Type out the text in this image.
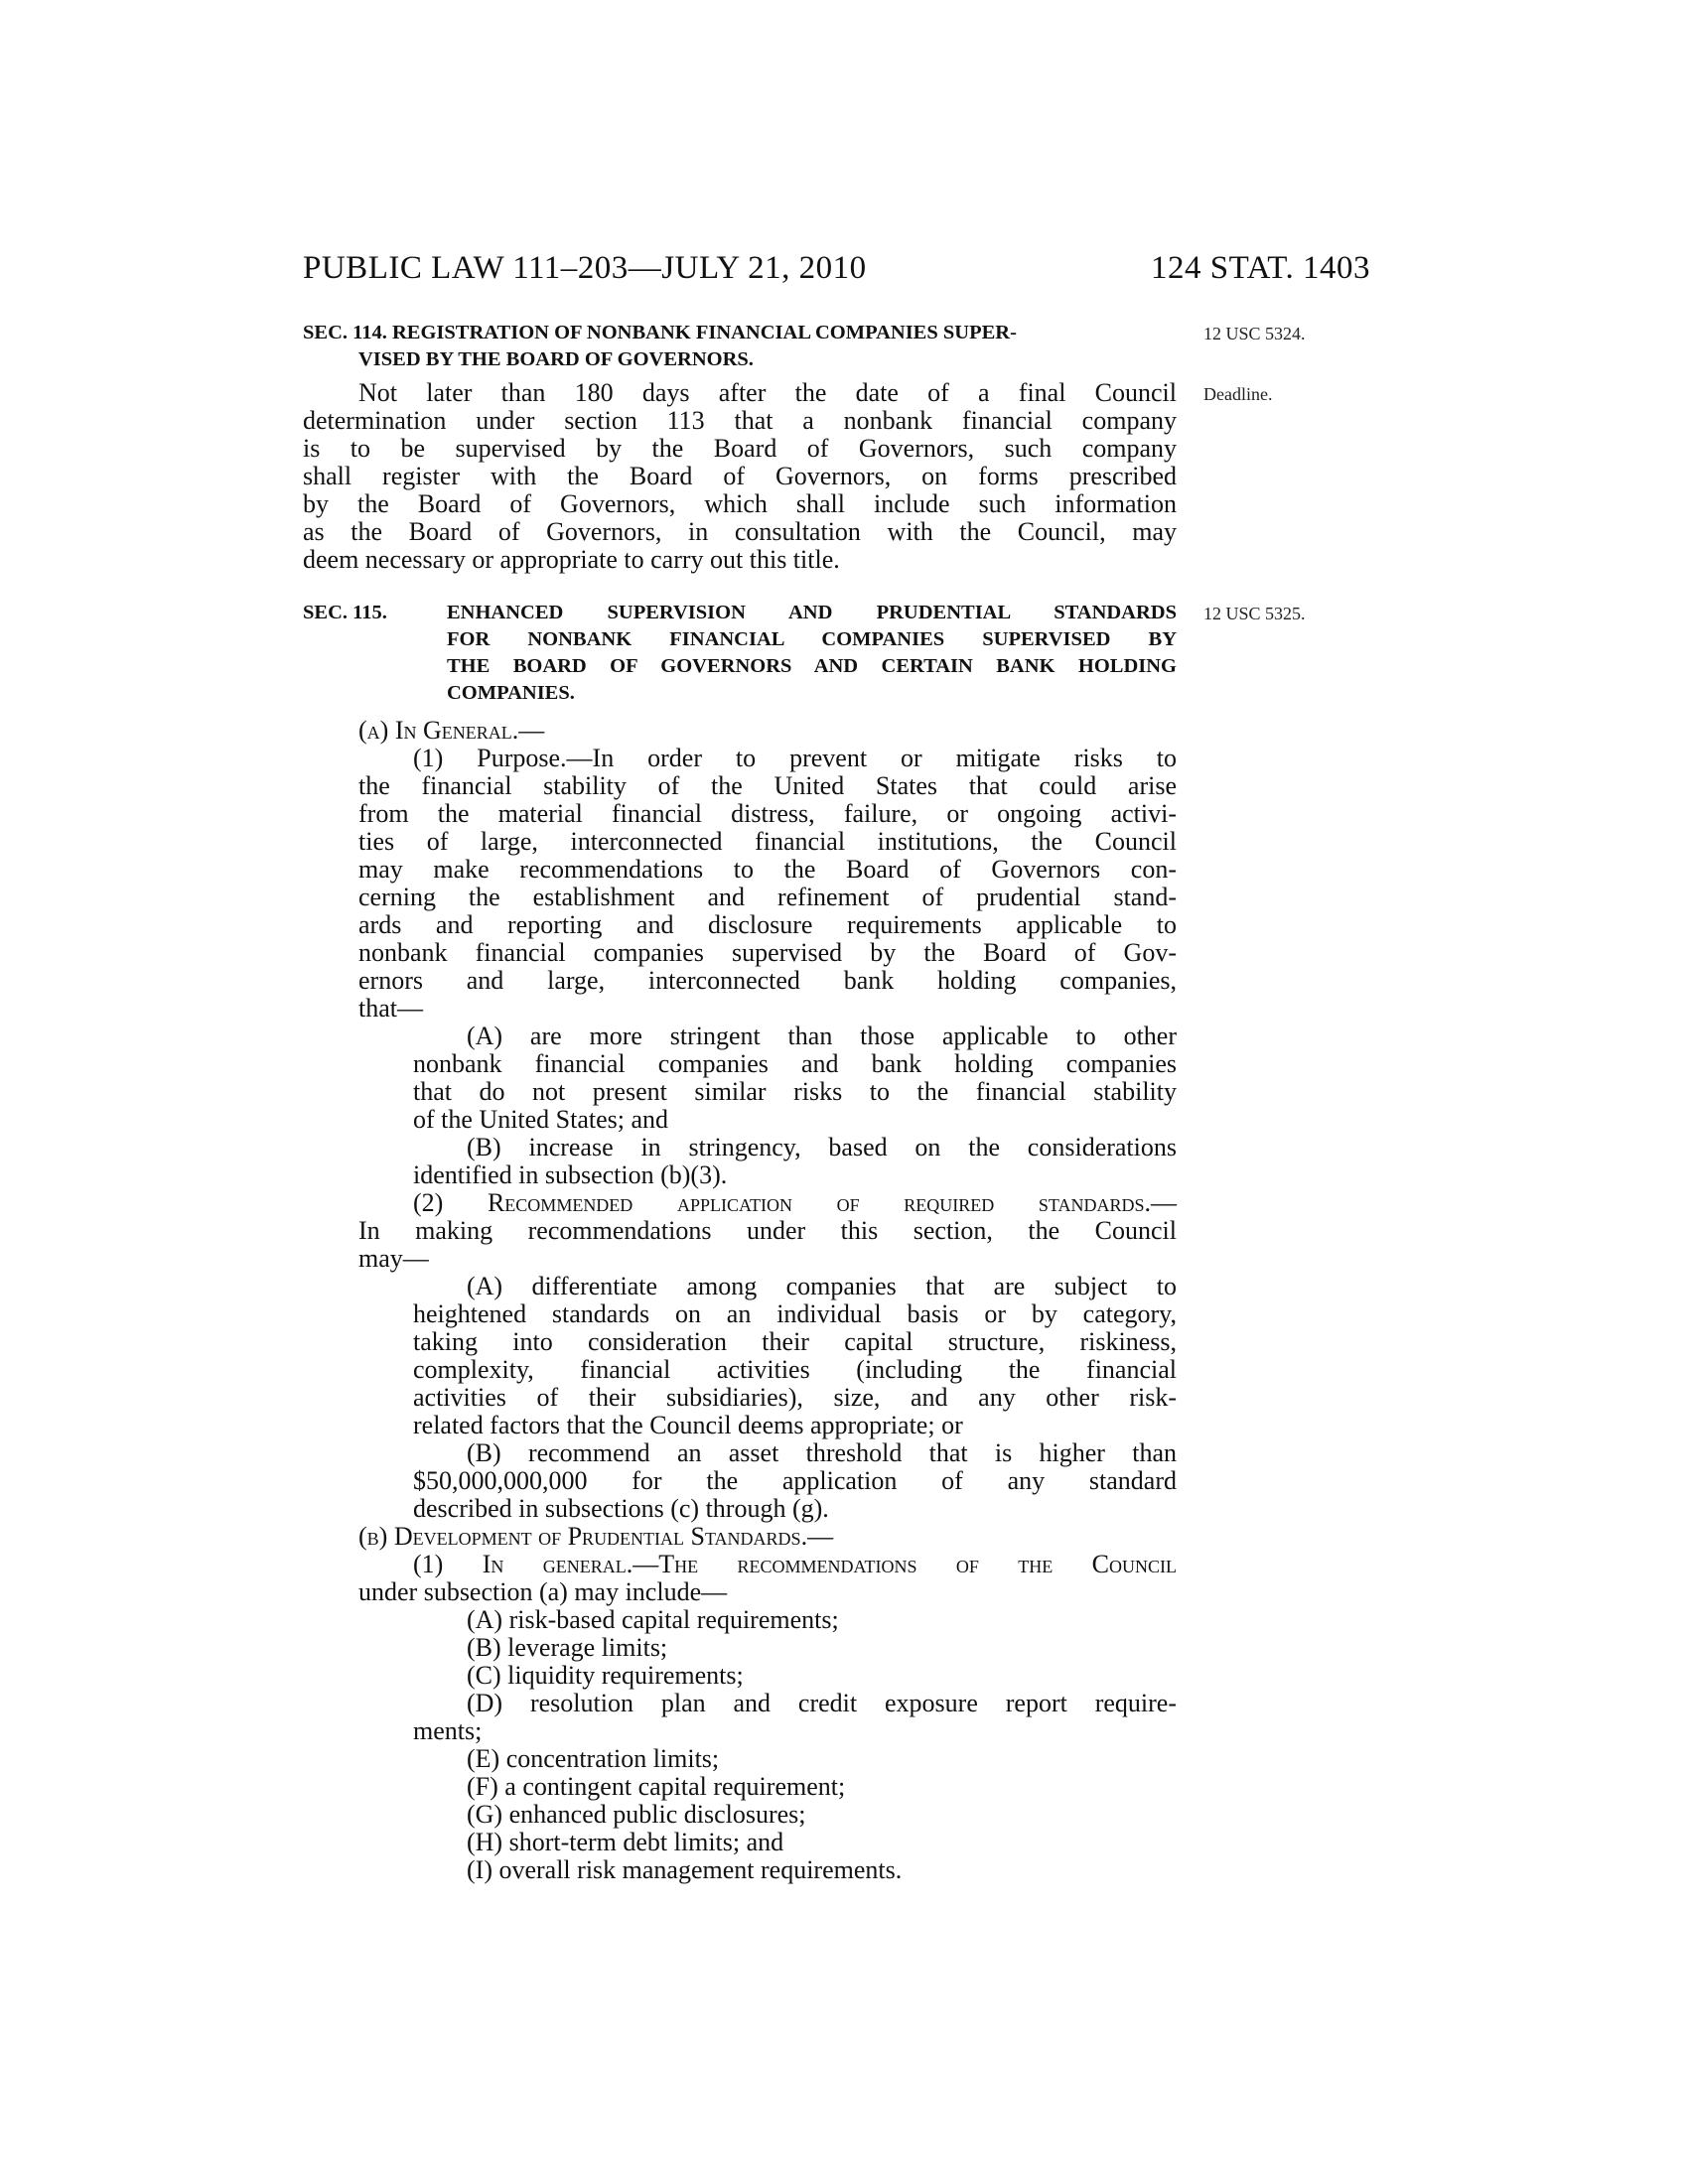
PUBLIC LAW 111–203—JULY 21, 2010	124 STAT. 1403
12 USC 5324.
Deadline.
12 USC 5325.
SEC. 114. REGISTRATION OF NONBANK FINANCIAL COMPANIES SUPER-
VISED BY THE BOARD OF GOVERNORS.
Not later than 180 days after the date of a final Council
determination under section 113 that a nonbank financial company
is to be supervised by the Board of Governors, such company
shall register with the Board of Governors, on forms prescribed
by the Board of Governors, which shall include such information
as the Board of Governors, in consultation with the Council, may
deem necessary or appropriate to carry out this title.
SEC. 115.	ENHANCED SUPERVISION AND PRUDENTIAL STANDARDS
FOR NONBANK FINANCIAL COMPANIES SUPERVISED BY
THE BOARD OF GOVERNORS AND CERTAIN BANK HOLDING
COMPANIES.
(a) In General.—
(1) Purpose.—In order to prevent or mitigate risks to
the financial stability of the United States that could arise
from the material financial distress, failure, or ongoing activi-
ties of large, interconnected financial institutions, the Council
may make recommendations to the Board of Governors con-
cerning the establishment and refinement of prudential stand-
ards and reporting and disclosure requirements applicable to
nonbank financial companies supervised by the Board of Gov-
ernors and large, interconnected bank holding companies,
that—
(A) are more stringent than those applicable to other
nonbank financial companies and bank holding companies
that do not present similar risks to the financial stability
of the United States; and
(B) increase in stringency, based on the considerations
identified in subsection (b)(3).
(2) Recommended application of required standards.—
In making recommendations under this section, the Council
may—
(A) differentiate among companies that are subject to
heightened standards on an individual basis or by category,
taking into consideration their capital structure, riskiness,
complexity, financial activities (including the financial
activities of their subsidiaries), size, and any other risk-
related factors that the Council deems appropriate; or
(B) recommend an asset threshold that is higher than
$50,000,000,000 for the application of any standard
described in subsections (c) through (g).
(b) Development of Prudential Standards.—
(1) In general.—The recommendations of the Council
under subsection (a) may include—
(A) risk-based capital requirements;
(B) leverage limits;
(C) liquidity requirements;
(D) resolution plan and credit exposure report require-
ments;
(E) concentration limits;
(F) a contingent capital requirement;
(G) enhanced public disclosures;
(H) short-term debt limits; and
(I) overall risk management requirements.
